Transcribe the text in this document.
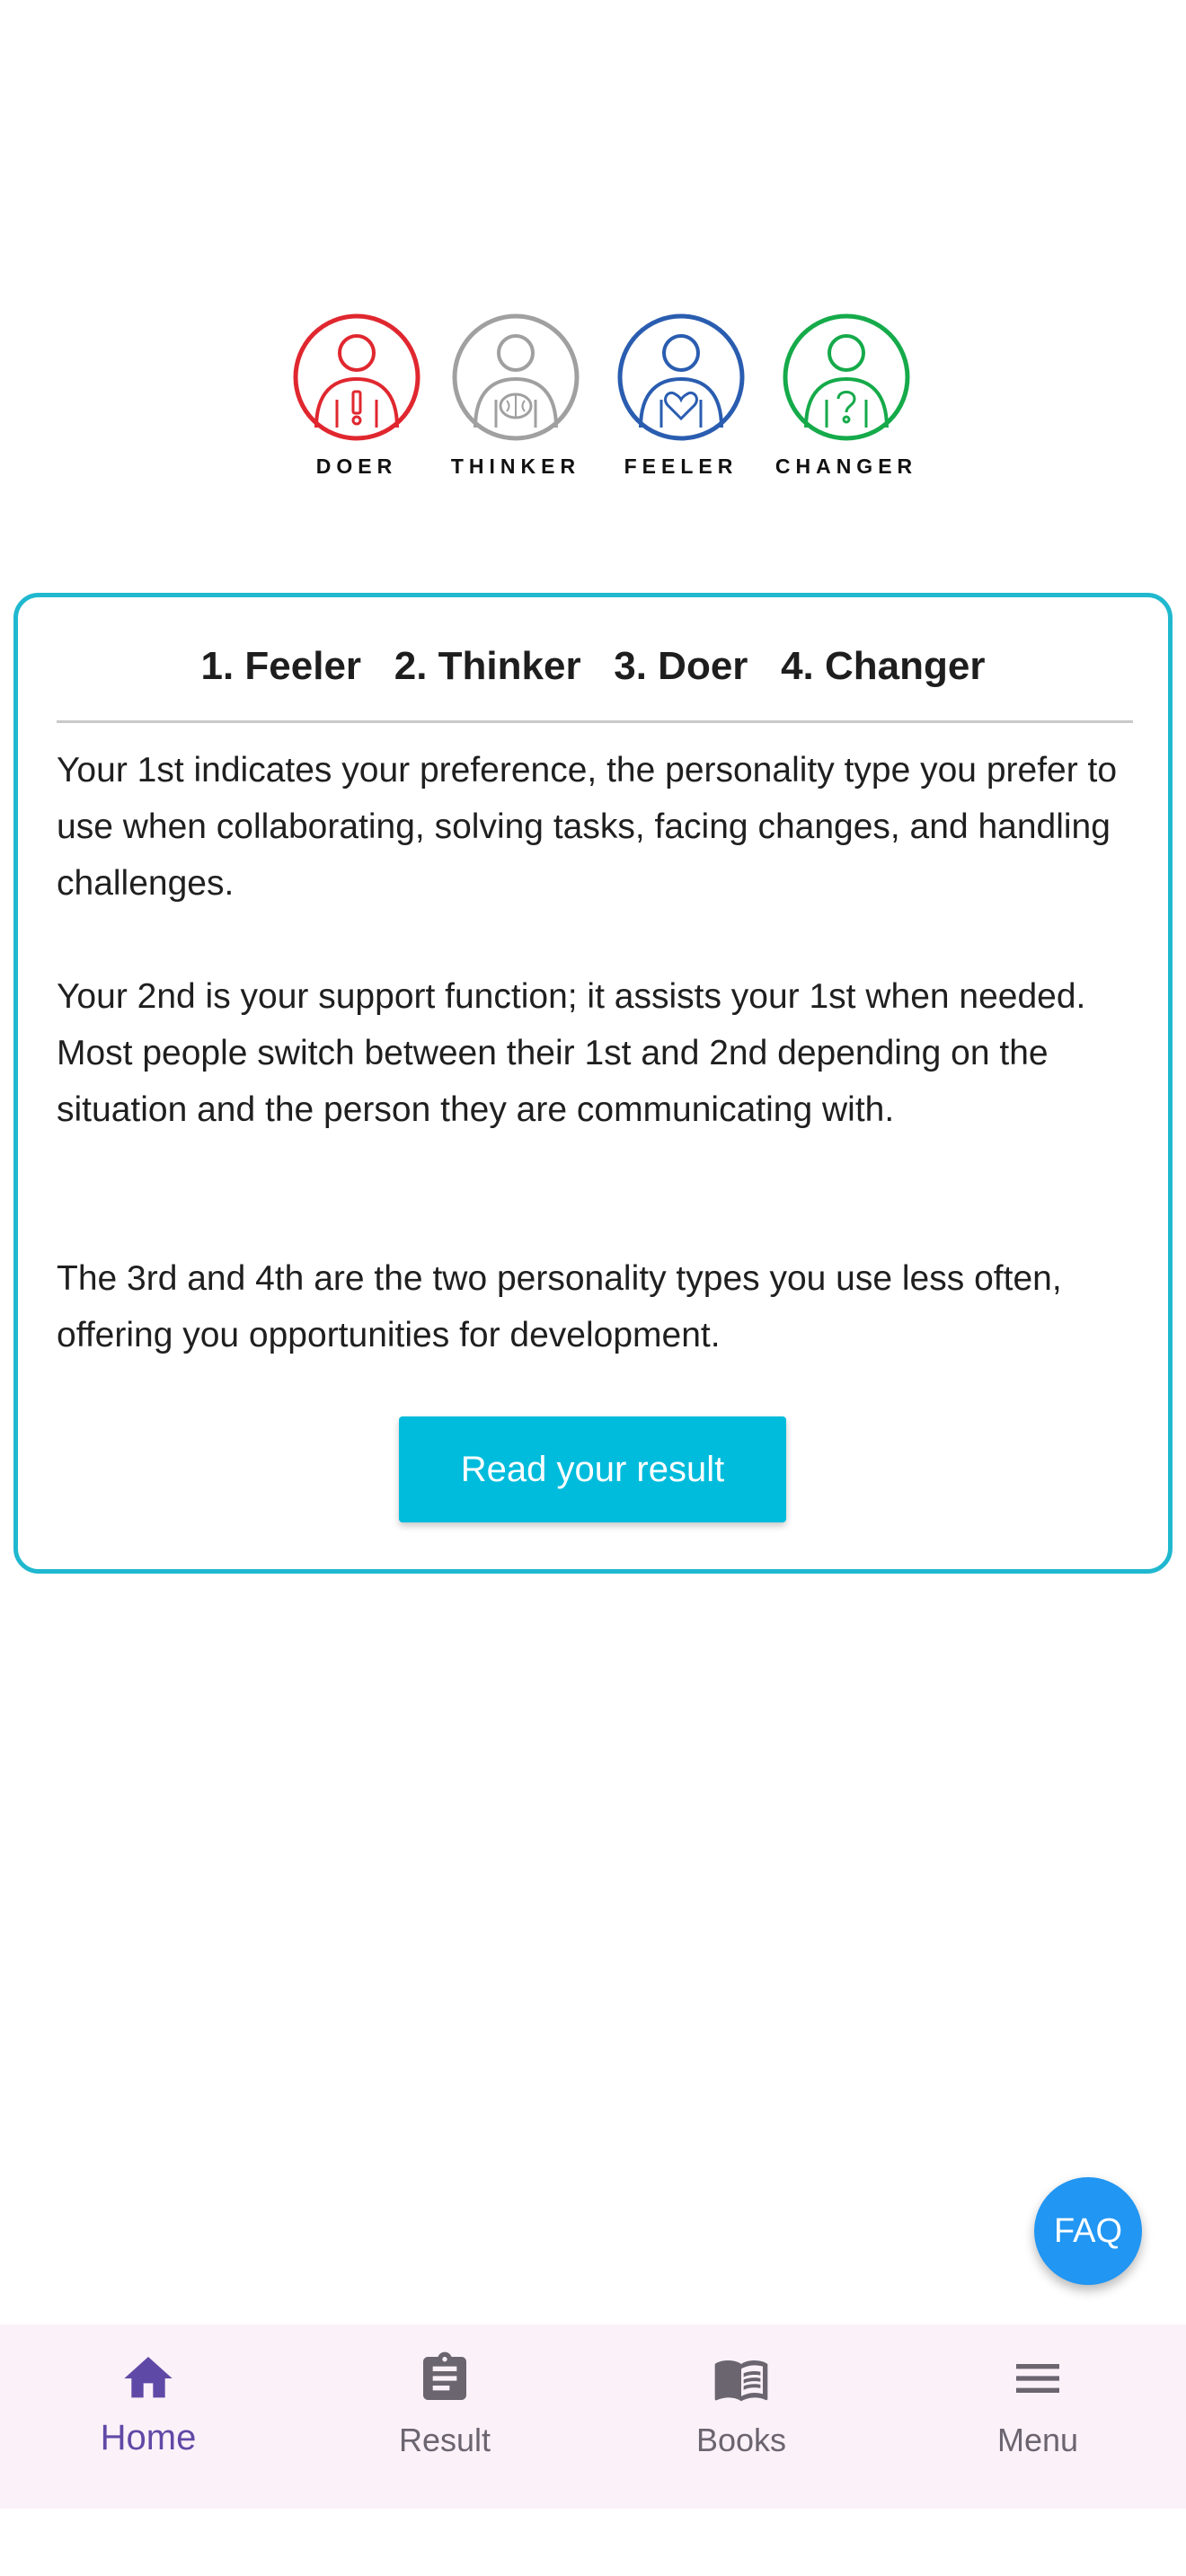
DOER	THINKER	FEELER	CHANGER
1. Feeler   2. Thinker   3. Doer   4. Changer

Your 1st indicates your preference, the personality type you prefer to use when collaborating, solving tasks, facing changes, and handling challenges.

Your 2nd is your support function; it assists your 1st when needed. Most people switch between their 1st and 2nd depending on the situation and the person they are communicating with.

The 3rd and 4th are the two personality types you use less often, offering you opportunities for development.

Read your result
FAQ
Home	Result	Books	Menu
